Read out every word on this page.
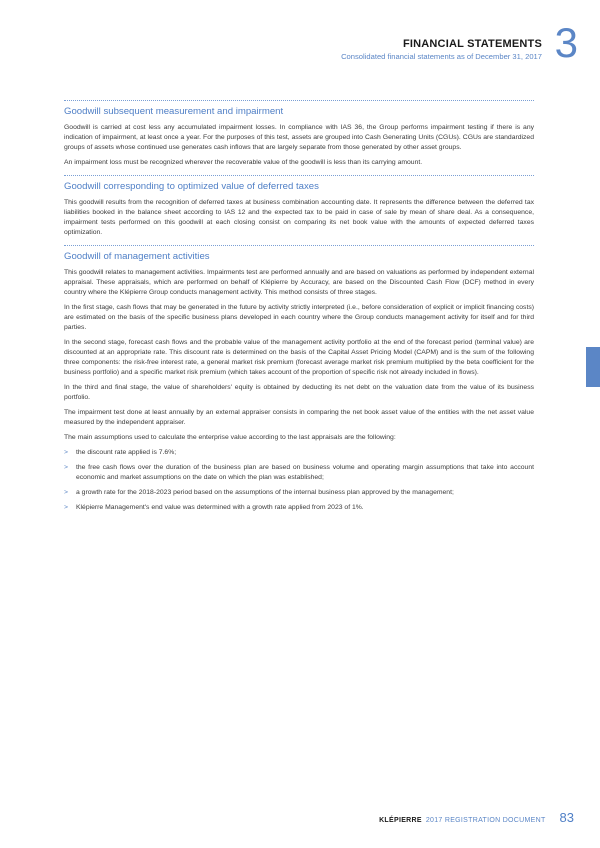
FINANCIAL STATEMENTS
Consolidated financial statements as of December 31, 2017 3
Goodwill subsequent measurement and impairment

Goodwill is carried at cost less any accumulated impairment losses. In compliance with IAS 36, the Group performs impairment testing if there is any indication of impairment, at least once a year. For the purposes of this test, assets are grouped into Cash Generating Units (CGUs). CGUs are standardized groups of assets whose continued use generates cash inflows that are largely separate from those generated by other asset groups.

An impairment loss must be recognized wherever the recoverable value of the goodwill is less than its carrying amount.

Goodwill corresponding to optimized value of deferred taxes

This goodwill results from the recognition of deferred taxes at business combination accounting date. It represents the difference between the deferred tax liabilities booked in the balance sheet according to IAS 12 and the expected tax to be paid in case of sale by mean of share deal. As a consequence, impairment tests performed on this goodwill at each closing consist on comparing its net book value with the amounts of expected deferred taxes optimization.

Goodwill of management activities

This goodwill relates to management activities. Impairments test are performed annually and are based on valuations as performed by independent external appraisal. These appraisals, which are performed on behalf of Klépierre by Accuracy, are based on the Discounted Cash Flow (DCF) method in every country where the Klépierre Group conducts management activity. This method consists of three stages.

In the first stage, cash flows that may be generated in the future by activity strictly interpreted (i.e., before consideration of explicit or implicit financing costs) are estimated on the basis of the specific business plans developed in each country where the Group conducts management activity for itself and for third parties.

In the second stage, forecast cash flows and the probable value of the management activity portfolio at the end of the forecast period (terminal value) are discounted at an appropriate rate. This discount rate is determined on the basis of the Capital Asset Pricing Model (CAPM) and is the sum of the following three components: the risk-free interest rate, a general market risk premium (forecast average market risk premium multiplied by the beta coefficient for the business portfolio) and a specific market risk premium (which takes account of the proportion of specific risk not already included in flows).

In the third and final stage, the value of shareholders' equity is obtained by deducting its net debt on the valuation date from the value of its business portfolio.

The impairment test done at least annually by an external appraiser consists in comparing the net book asset value of the entities with the net asset value measured by the independent appraiser.

The main assumptions used to calculate the enterprise value according to the last appraisals are the following:

> the discount rate applied is 7.6%;
> the free cash flows over the duration of the business plan are based on business volume and operating margin assumptions that take into account economic and market assumptions on the date on which the plan was established;
> a growth rate for the 2018-2023 period based on the assumptions of the internal business plan approved by the management;
> Klépierre Management's end value was determined with a growth rate applied from 2023 of 1%.
KLÉPIERRE 2017 REGISTRATION DOCUMENT 83
